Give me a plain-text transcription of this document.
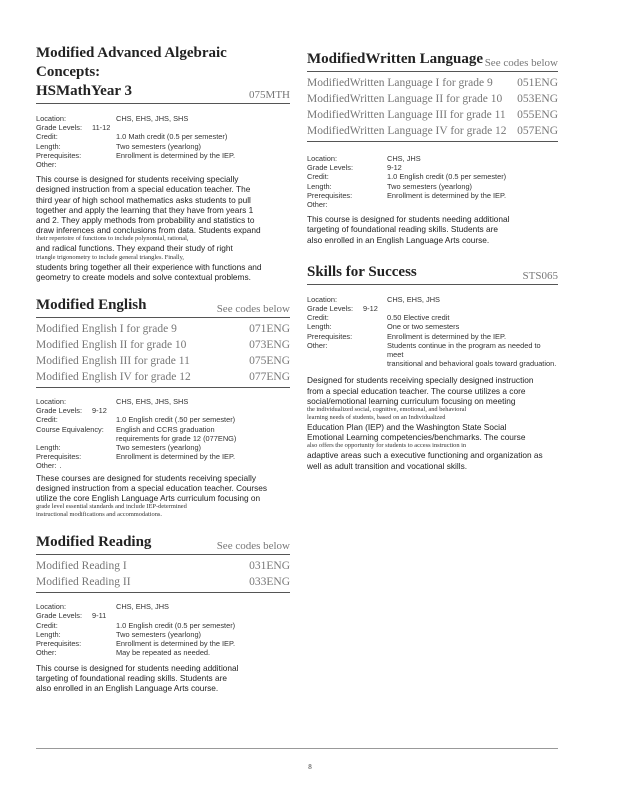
Modified Advanced Algebraic Concepts:
HSMathYear 3	075MTH
Location:	CHS, EHS, JHS, SHS
Grade Levels: 11-12
Credit:	1.0 Math credit (0.5 per semester)
Length:	Two semesters (yearlong)
Prerequisites:	Enrollment is determined by the IEP.
Other:
This course is designed for students receiving specially
designed instruction from a special education teacher. The
third year of high school mathematics asks students to pull
together and apply the learning that they have from years 1
and 2. They apply methods from probability and statistics to
draw inferences and conclusions from data. Students expand
their repertoire of functions to include polynomial, rational,
and radical functions. They expand their study of right
triangle trigonometry to include general triangles. Finally,
students bring together all their experience with functions and
geometry to create models and solve contextual problems.
Modified English	See codes below
Modified English I for grade 9	071ENG
Modified English II for grade 10	073ENG
Modified English III for grade 11	075ENG
Modified English IV for grade 12	077ENG
Location:	CHS, EHS, JHS, SHS
Grade Levels: 9-12
Credit:	1.0 English credit (.50 per semester)
Course Equivalency:	English and CCRS graduation
requirements for grade 12 (077ENG)
Length:	Two semesters (yearlong)
Prerequisites:	Enrollment is determined by the IEP.
Other: .
These courses are designed for students receiving specially
designed instruction from a special education teacher. Courses
utilize the core English Language Arts curriculum focusing on
grade level essential standards and include IEP-determined
instructional modifications and accommodations.
Modified Reading	See codes below
Modified Reading I	031ENG
Modified Reading II	033ENG
Location:	CHS, EHS, JHS
Grade Levels: 9-11
Credit:	1.0 English credit (0.5 per semester)
Length:	Two semesters (yearlong)
Prerequisites:	Enrollment is determined by the IEP.
Other:	May be repeated as needed.
This course is designed for students needing additional
targeting of foundational reading skills. Students are
also enrolled in an English Language Arts course.
ModifiedWritten Language See codes below
ModifiedWritten Language I for grade 9 051ENG
ModifiedWritten Language II for grade 10 053ENG
ModifiedWritten Language III for grade 11 055ENG
ModifiedWritten Language IV for grade 12 057ENG
Location:	CHS, JHS
Grade Levels:	9-12
Credit:	1.0 English credit (0.5 per semester)
Length:	Two semesters (yearlong)
Prerequisites:	Enrollment is determined by the IEP.
Other:
This course is designed for students needing additional
targeting of foundational reading skills. Students are
also enrolled in an English Language Arts course.
Skills for Success	STS065
Location:	CHS, EHS, JHS
Grade Levels: 9-12
Credit:	0.50 Elective credit
Length:	One or two semesters
Prerequisites:	Enrollment is determined by the IEP.
Other:	Students continue in the program as needed to meet
transitional and behavioral goals toward graduation.
Designed for students receiving specially designed instruction
from a special education teacher. The course utilizes a core
social/emotional learning curriculum focusing on meeting
the individualized social, cognitive, emotional, and behavioral
learning needs of students, based on an Individualized
Education Plan (IEP) and the Washington State Social
Emotional Learning competencies/benchmarks. The course
also offers the opportunity for students to access instruction in
adaptive areas such a executive functioning and organization as
well as adult transition and vocational skills.
8
